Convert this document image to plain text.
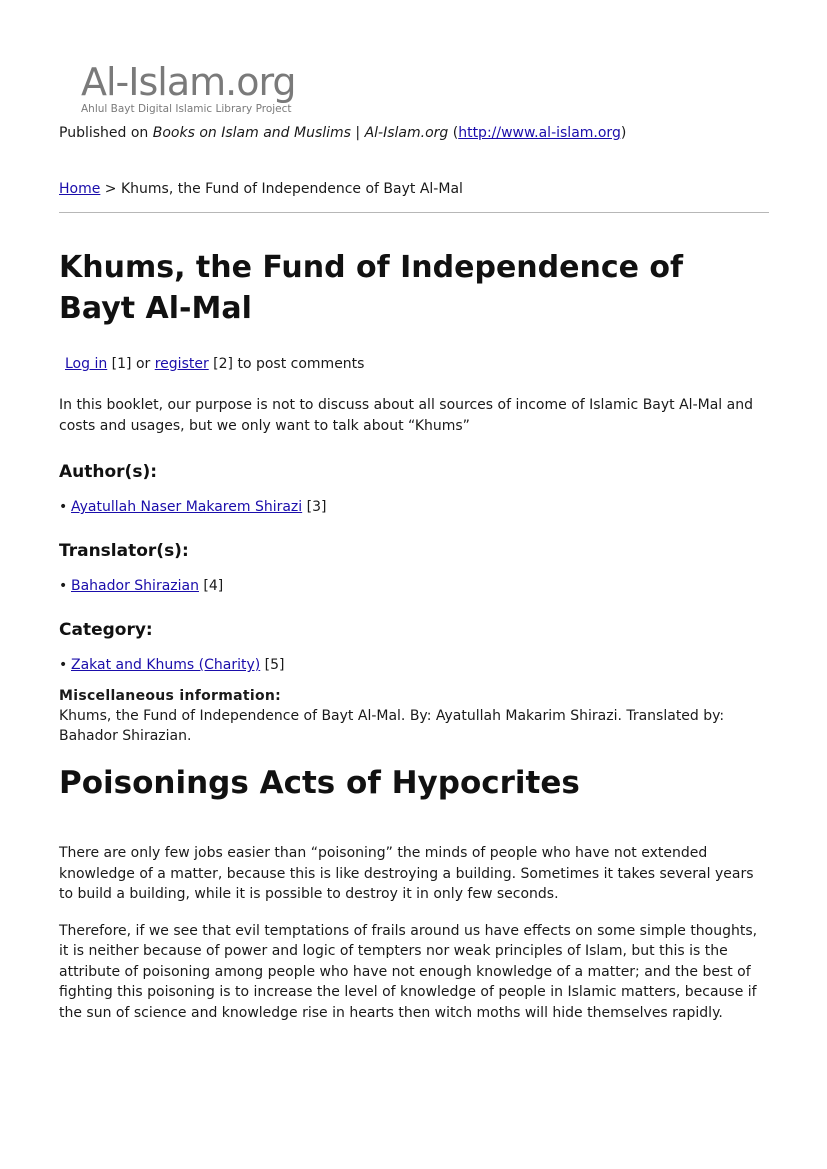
Al-Islam.org
Ahlul Bayt Digital Islamic Library Project
Published on Books on Islam and Muslims | Al-Islam.org (http://www.al-islam.org)
Home > Khums, the Fund of Independence of Bayt Al-Mal
Khums, the Fund of Independence of Bayt Al-Mal
Log in [1] or register [2] to post comments

In this booklet, our purpose is not to discuss about all sources of income of Islamic Bayt Al-Mal and costs and usages, but we only want to talk about “Khums”

Author(s):
• Ayatullah Naser Makarem Shirazi [3]
Translator(s):
• Bahador Shirazian [4]
Category:
• Zakat and Khums (Charity) [5]
Miscellaneous information:
Khums, the Fund of Independence of Bayt Al-Mal. By: Ayatullah Makarim Shirazi. Translated by: Bahador Shirazian.
Poisonings Acts of Hypocrites

There are only few jobs easier than “poisoning” the minds of people who have not extended knowledge of a matter, because this is like destroying a building. Sometimes it takes several years to build a building, while it is possible to destroy it in only few seconds.

Therefore, if we see that evil temptations of frails around us have effects on some simple thoughts, it is neither because of power and logic of tempters nor weak principles of Islam, but this is the attribute of poisoning among people who have not enough knowledge of a matter; and the best of fighting this poisoning is to increase the level of knowledge of people in Islamic matters, because if the sun of science and knowledge rise in hearts then witch moths will hide themselves rapidly.
